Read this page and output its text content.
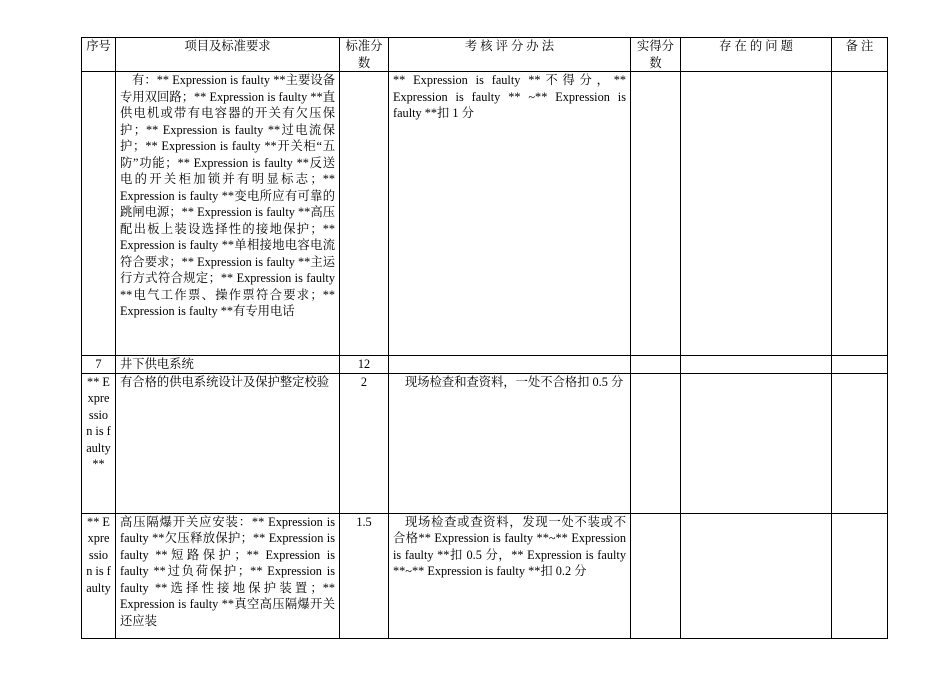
序号	项目及标准要求	标准分数	考 核 评 分 办 法	实得分数	存 在 的 问 题	备 注
	有：** Expression is faulty **主要设备专用双回路；** Expression is faulty **直供电机或带有电容器的开关有欠压保护；** Expression is faulty **过电流保护；** Expression is faulty **开关柜“五防”功能；** Expression is faulty **反送电的开关柜加锁并有明显标志；** Expression is faulty **变电所应有可靠的跳闸电源；** Expression is faulty **高压配出板上装设选择性的接地保护；** Expression is faulty **单相接地电容电流符合要求；** Expression is faulty **主运行方式符合规定；** Expression is faulty **电气工作票、操作票符合要求；** Expression is faulty **有专用电话		** Expression is faulty **不得分，** Expression is faulty ** ~** Expression is faulty **扣 1 分			
7	井下供电系统	12				
** Expression is faulty **	有合格的供电系统设计及保护整定校验	2	现场检查和查资料，一处不合格扣 0.5 分			
** Expression is faulty	高压隔爆开关应安装：** Expression is faulty **欠压释放保护；** Expression is faulty **短路保护；** Expression is faulty **过负荷保护；** Expression is faulty **选择性接地保护装置；** Expression is faulty **真空高压隔爆开关还应装	1.5	现场检查或查资料，发现一处不装或不合格** Expression is faulty **~** Expression is faulty **扣 0.5 分，** Expression is faulty **~** Expression is faulty **扣 0.2 分			
